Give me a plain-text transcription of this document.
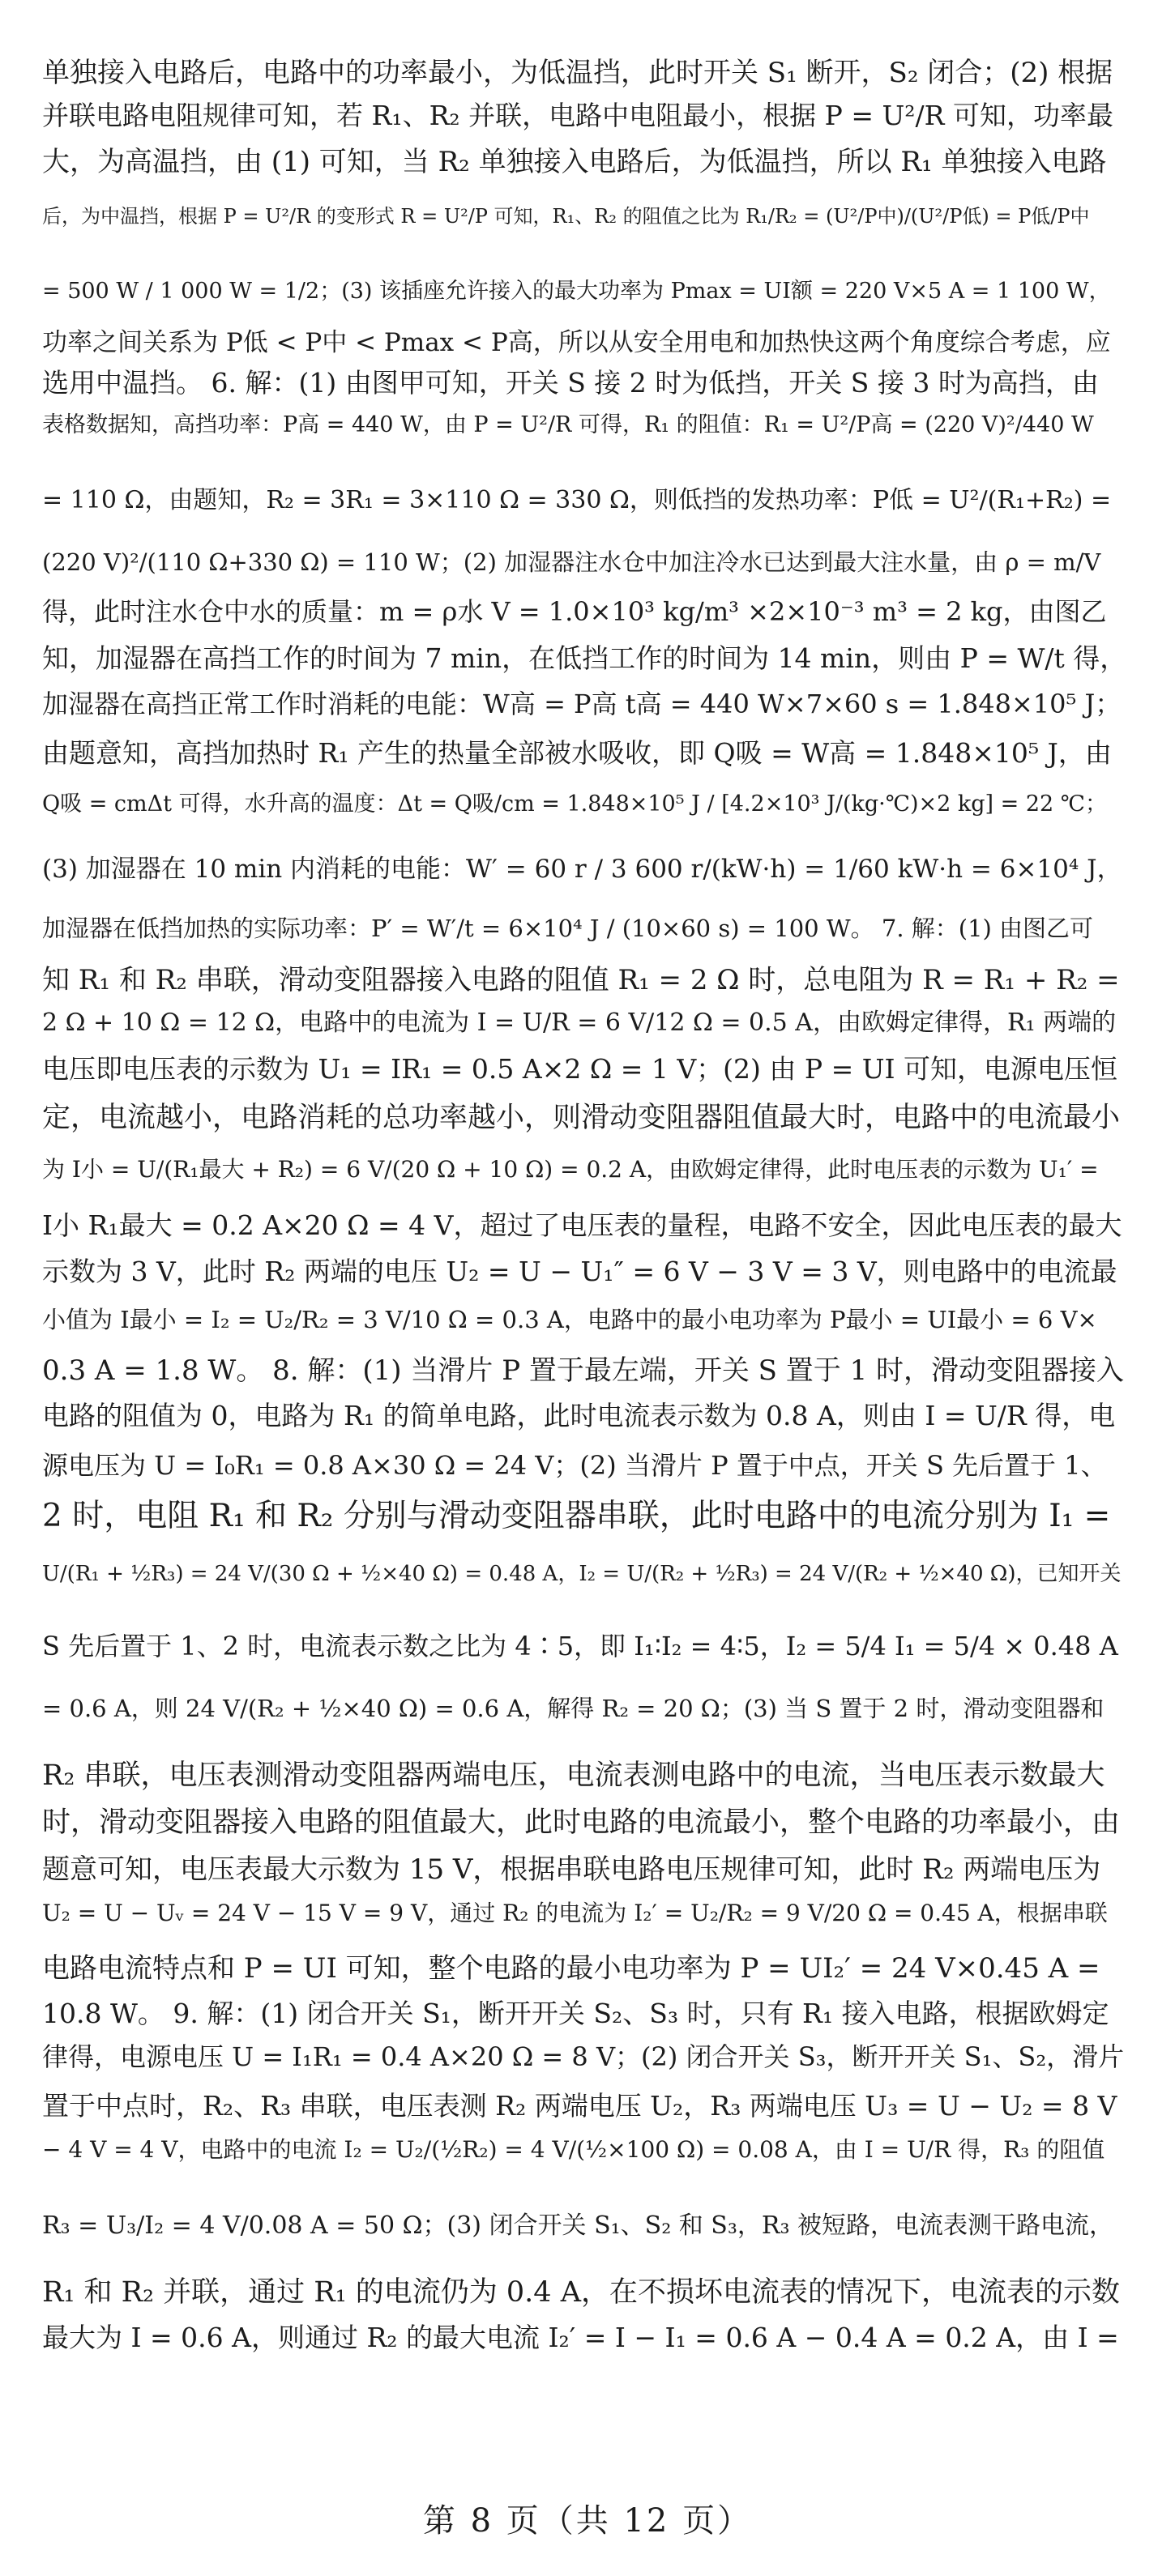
单独接入电路后，电路中的功率最小，为低温挡，此时开关 S₁ 断开，S₂ 闭合；(2) 根据
并联电路电阻规律可知，若 R₁、R₂ 并联，电路中电阻最小，根据 P = U²/R 可知，功率最
大，为高温挡，由 (1) 可知，当 R₂ 单独接入电路后，为低温挡，所以 R₁ 单独接入电路
后，为中温挡，根据 P = U²/R 的变形式 R = U²/P 可知，R₁、R₂ 的阻值之比为 R₁/R₂ = (U²/P中)/(U²/P低) = P低/P中
= 500 W / 1 000 W = 1/2；(3) 该插座允许接入的最大功率为 Pmax = UI额 = 220 V×5 A = 1 100 W，
功率之间关系为 P低 < P中 < Pmax < P高，所以从安全用电和加热快这两个角度综合考虑，应
选用中温挡。 6. 解：(1) 由图甲可知，开关 S 接 2 时为低挡，开关 S 接 3 时为高挡，由
表格数据知，高挡功率：P高 = 440 W，由 P = U²/R 可得，R₁ 的阻值：R₁ = U²/P高 = (220 V)²/440 W
= 110 Ω，由题知，R₂ = 3R₁ = 3×110 Ω = 330 Ω，则低挡的发热功率：P低 = U²/(R₁+R₂) =
(220 V)²/(110 Ω+330 Ω) = 110 W；(2) 加湿器注水仓中加注冷水已达到最大注水量，由 ρ = m/V
得，此时注水仓中水的质量：m = ρ水 V = 1.0×10³ kg/m³ ×2×10⁻³ m³ = 2 kg，由图乙
知，加湿器在高挡工作的时间为 7 min，在低挡工作的时间为 14 min，则由 P = W/t 得，
加湿器在高挡正常工作时消耗的电能：W高 = P高 t高 = 440 W×7×60 s = 1.848×10⁵ J；
由题意知，高挡加热时 R₁ 产生的热量全部被水吸收，即 Q吸 = W高 = 1.848×10⁵ J，由
Q吸 = cmΔt 可得，水升高的温度：Δt = Q吸/cm = 1.848×10⁵ J / [4.2×10³ J/(kg·℃)×2 kg] = 22 ℃；
(3) 加湿器在 10 min 内消耗的电能：W′ = 60 r / 3 600 r/(kW·h) = 1/60 kW·h = 6×10⁴ J，
加湿器在低挡加热的实际功率：P′ = W′/t = 6×10⁴ J / (10×60 s) = 100 W。 7. 解：(1) 由图乙可
知 R₁ 和 R₂ 串联，滑动变阻器接入电路的阻值 R₁ = 2 Ω 时，总电阻为 R = R₁ + R₂ =
2 Ω + 10 Ω = 12 Ω，电路中的电流为 I = U/R = 6 V/12 Ω = 0.5 A，由欧姆定律得，R₁ 两端的
电压即电压表的示数为 U₁ = IR₁ = 0.5 A×2 Ω = 1 V；(2) 由 P = UI 可知，电源电压恒
定，电流越小，电路消耗的总功率越小，则滑动变阻器阻值最大时，电路中的电流最小
为 I小 = U/(R₁最大 + R₂) = 6 V/(20 Ω + 10 Ω) = 0.2 A，由欧姆定律得，此时电压表的示数为 U₁′ =
I小 R₁最大 = 0.2 A×20 Ω = 4 V，超过了电压表的量程，电路不安全，因此电压表的最大
示数为 3 V，此时 R₂ 两端的电压 U₂ = U − U₁″ = 6 V − 3 V = 3 V，则电路中的电流最
小值为 I最小 = I₂ = U₂/R₂ = 3 V/10 Ω = 0.3 A，电路中的最小电功率为 P最小 = UI最小 = 6 V×
0.3 A = 1.8 W。 8. 解：(1) 当滑片 P 置于最左端，开关 S 置于 1 时，滑动变阻器接入
电路的阻值为 0，电路为 R₁ 的简单电路，此时电流表示数为 0.8 A，则由 I = U/R 得，电
源电压为 U = I₀R₁ = 0.8 A×30 Ω = 24 V；(2) 当滑片 P 置于中点，开关 S 先后置于 1、
2 时，电阻 R₁ 和 R₂ 分别与滑动变阻器串联，此时电路中的电流分别为 I₁ =
U/(R₁ + ½R₃) = 24 V/(30 Ω + ½×40 Ω) = 0.48 A，I₂ = U/(R₂ + ½R₃) = 24 V/(R₂ + ½×40 Ω)，已知开关
S 先后置于 1、2 时，电流表示数之比为 4∶5，即 I₁∶I₂ = 4∶5，I₂ = 5/4 I₁ = 5/4 × 0.48 A
= 0.6 A，则 24 V/(R₂ + ½×40 Ω) = 0.6 A，解得 R₂ = 20 Ω；(3) 当 S 置于 2 时，滑动变阻器和
R₂ 串联，电压表测滑动变阻器两端电压，电流表测电路中的电流，当电压表示数最大
时，滑动变阻器接入电路的阻值最大，此时电路的电流最小，整个电路的功率最小，由
题意可知，电压表最大示数为 15 V，根据串联电路电压规律可知，此时 R₂ 两端电压为
U₂ = U − Uᵥ = 24 V − 15 V = 9 V，通过 R₂ 的电流为 I₂′ = U₂/R₂ = 9 V/20 Ω = 0.45 A，根据串联
电路电流特点和 P = UI 可知，整个电路的最小电功率为 P = UI₂′ = 24 V×0.45 A =
10.8 W。 9. 解：(1) 闭合开关 S₁，断开开关 S₂、S₃ 时，只有 R₁ 接入电路，根据欧姆定
律得，电源电压 U = I₁R₁ = 0.4 A×20 Ω = 8 V；(2) 闭合开关 S₃，断开开关 S₁、S₂，滑片
置于中点时，R₂、R₃ 串联，电压表测 R₂ 两端电压 U₂，R₃ 两端电压 U₃ = U − U₂ = 8 V
− 4 V = 4 V，电路中的电流 I₂ = U₂/(½R₂) = 4 V/(½×100 Ω) = 0.08 A，由 I = U/R 得，R₃ 的阻值
R₃ = U₃/I₂ = 4 V/0.08 A = 50 Ω；(3) 闭合开关 S₁、S₂ 和 S₃，R₃ 被短路，电流表测干路电流，
R₁ 和 R₂ 并联，通过 R₁ 的电流仍为 0.4 A，在不损坏电流表的情况下，电流表的示数
最大为 I = 0.6 A，则通过 R₂ 的最大电流 I₂′ = I − I₁ = 0.6 A − 0.4 A = 0.2 A，由 I =
第 8 页（共 12 页）
